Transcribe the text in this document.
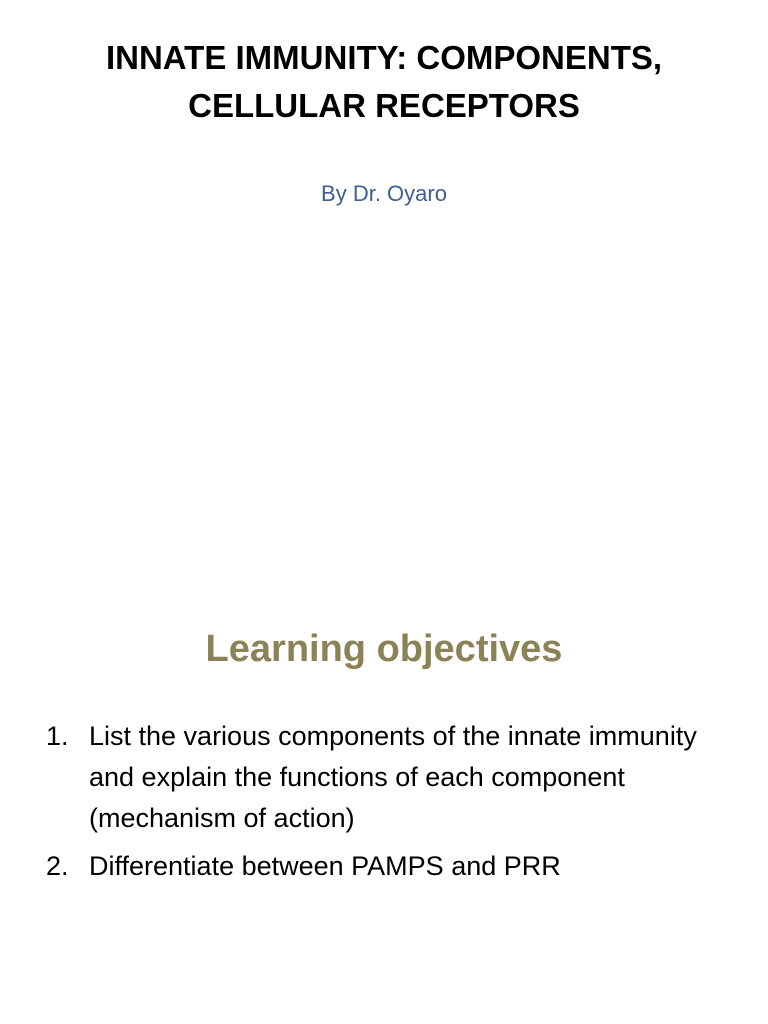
INNATE IMMUNITY: COMPONENTS, CELLULAR RECEPTORS
By Dr. Oyaro
Learning objectives
1. List the various components of the innate immunity and explain the functions of each component (mechanism of action)
2. Differentiate between PAMPS and PRR
